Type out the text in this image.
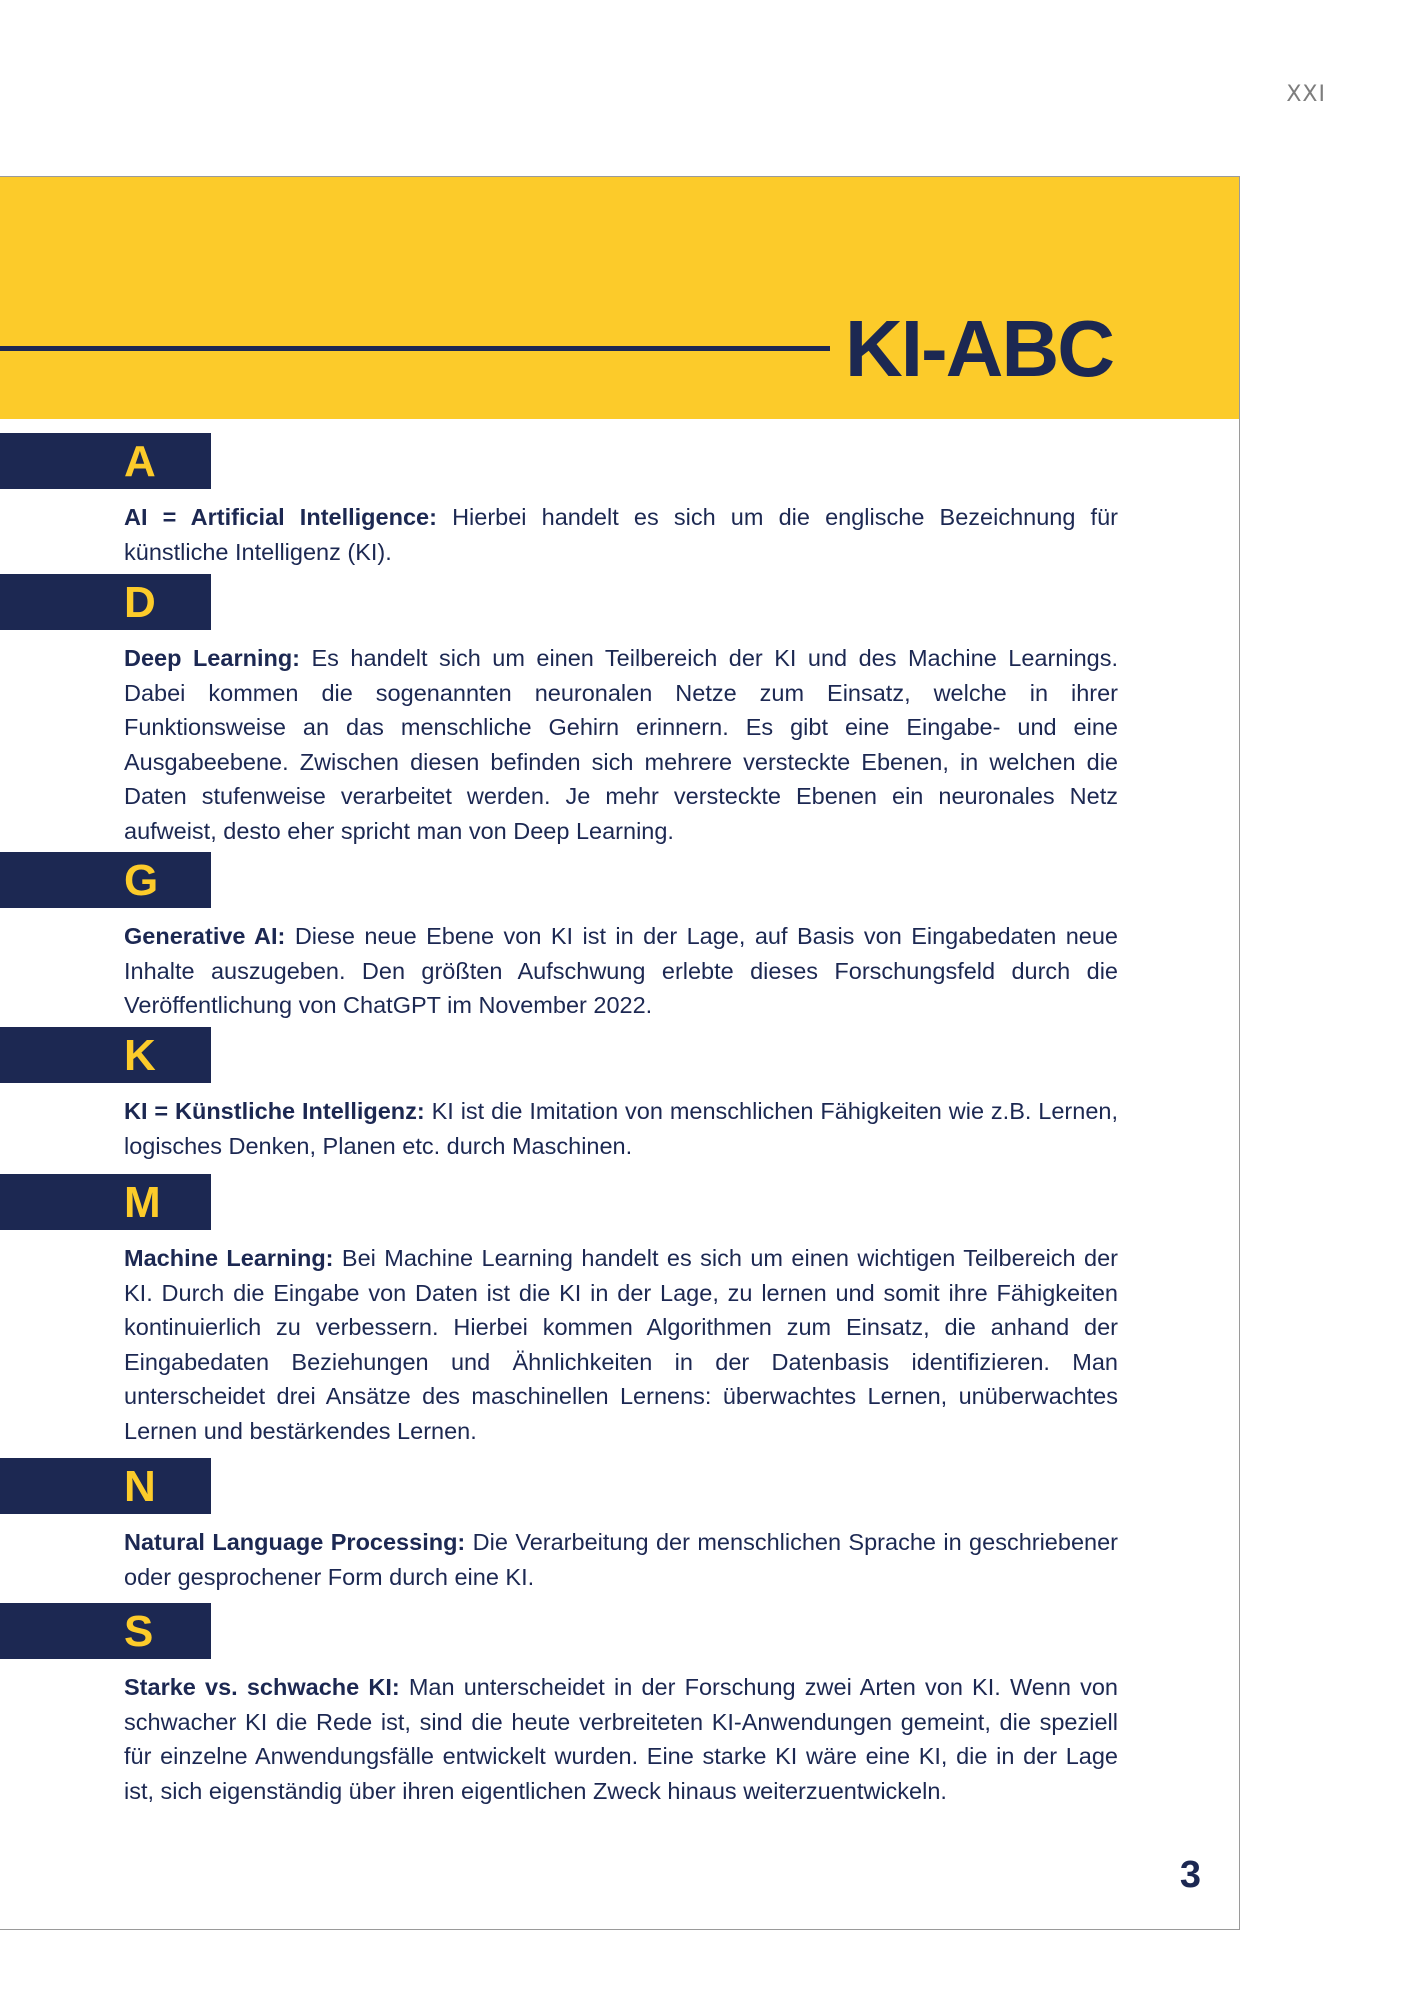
XXI
KI-ABC
A

AI = Artificial Intelligence: Hierbei handelt es sich um die englische Bezeichnung für künstliche Intelligenz (KI).

D

Deep Learning: Es handelt sich um einen Teilbereich der KI und des Machine Learnings. Dabei kommen die sogenannten neuronalen Netze zum Einsatz, welche in ihrer Funktionsweise an das menschliche Gehirn erinnern. Es gibt eine Eingabe- und eine Ausgabeebene. Zwischen diesen befinden sich mehrere versteckte Ebenen, in welchen die Daten stufenweise verarbeitet werden. Je mehr versteckte Ebenen ein neuronales Netz aufweist, desto eher spricht man von Deep Learning.

G

Generative AI: Diese neue Ebene von KI ist in der Lage, auf Basis von Eingabedaten neue Inhalte auszugeben. Den größten Aufschwung erlebte dieses Forschungsfeld durch die Veröffentlichung von ChatGPT im November 2022.

K

KI = Künstliche Intelligenz: KI ist die Imitation von menschlichen Fähigkeiten wie z.B. Lernen, logisches Denken, Planen etc. durch Maschinen.

M

Machine Learning: Bei Machine Learning handelt es sich um einen wichtigen Teilbereich der KI. Durch die Eingabe von Daten ist die KI in der Lage, zu lernen und somit ihre Fähigkeiten kontinuierlich zu verbessern. Hierbei kommen Algorithmen zum Einsatz, die anhand der Eingabedaten Beziehungen und Ähnlichkeiten in der Datenbasis identifizieren. Man unterscheidet drei Ansätze des maschinellen Lernens: überwachtes Lernen, unüberwachtes Lernen und bestärkendes Lernen.

N

Natural Language Processing: Die Verarbeitung der menschlichen Sprache in geschriebener oder gesprochener Form durch eine KI.

S

Starke vs. schwache KI: Man unterscheidet in der Forschung zwei Arten von KI. Wenn von schwacher KI die Rede ist, sind die heute verbreiteten KI-Anwendungen gemeint, die speziell für einzelne Anwendungsfälle entwickelt wurden. Eine starke KI wäre eine KI, die in der Lage ist, sich eigenständig über ihren eigentlichen Zweck hinaus weiterzuentwickeln.

3
